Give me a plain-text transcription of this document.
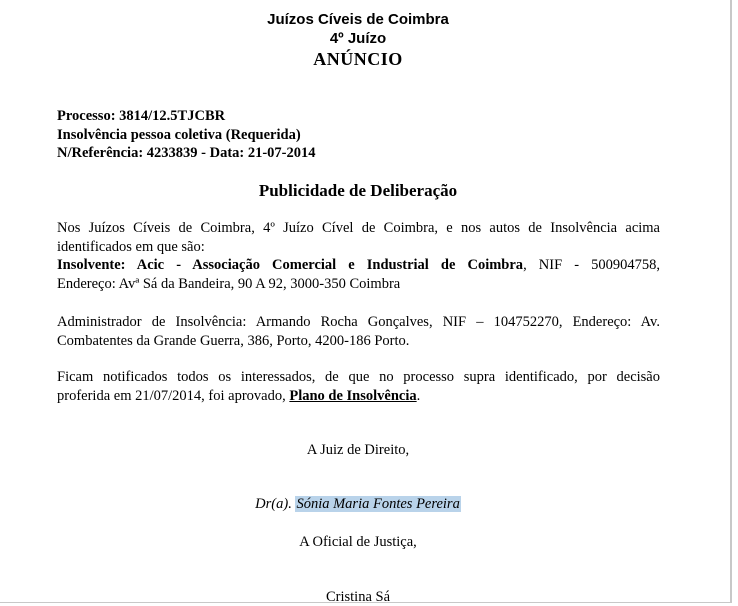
Juízos Cíveis de Coimbra
4º Juízo
ANÚNCIO
Processo: 3814/12.5TJCBR
Insolvência pessoa coletiva (Requerida)
N/Referência: 4233839 - Data: 21-07-2014
Publicidade de Deliberação
Nos Juízos Cíveis de Coimbra, 4º Juízo Cível de Coimbra, e nos autos de Insolvência acima
identificados em que são:
Insolvente: Acic - Associação Comercial e Industrial de Coimbra, NIF - 500904758,
Endereço: Avª Sá da Bandeira, 90 A 92, 3000-350 Coimbra
Administrador de Insolvência: Armando Rocha Gonçalves, NIF – 104752270, Endereço: Av.
Combatentes da Grande Guerra, 386, Porto, 4200-186 Porto.
Ficam notificados todos os interessados, de que no processo supra identificado, por decisão
proferida em 21/07/2014, foi aprovado, Plano de Insolvência.
A Juiz de Direito,
Dr(a). Sónia Maria Fontes Pereira
A Oficial de Justiça,
Cristina Sá
